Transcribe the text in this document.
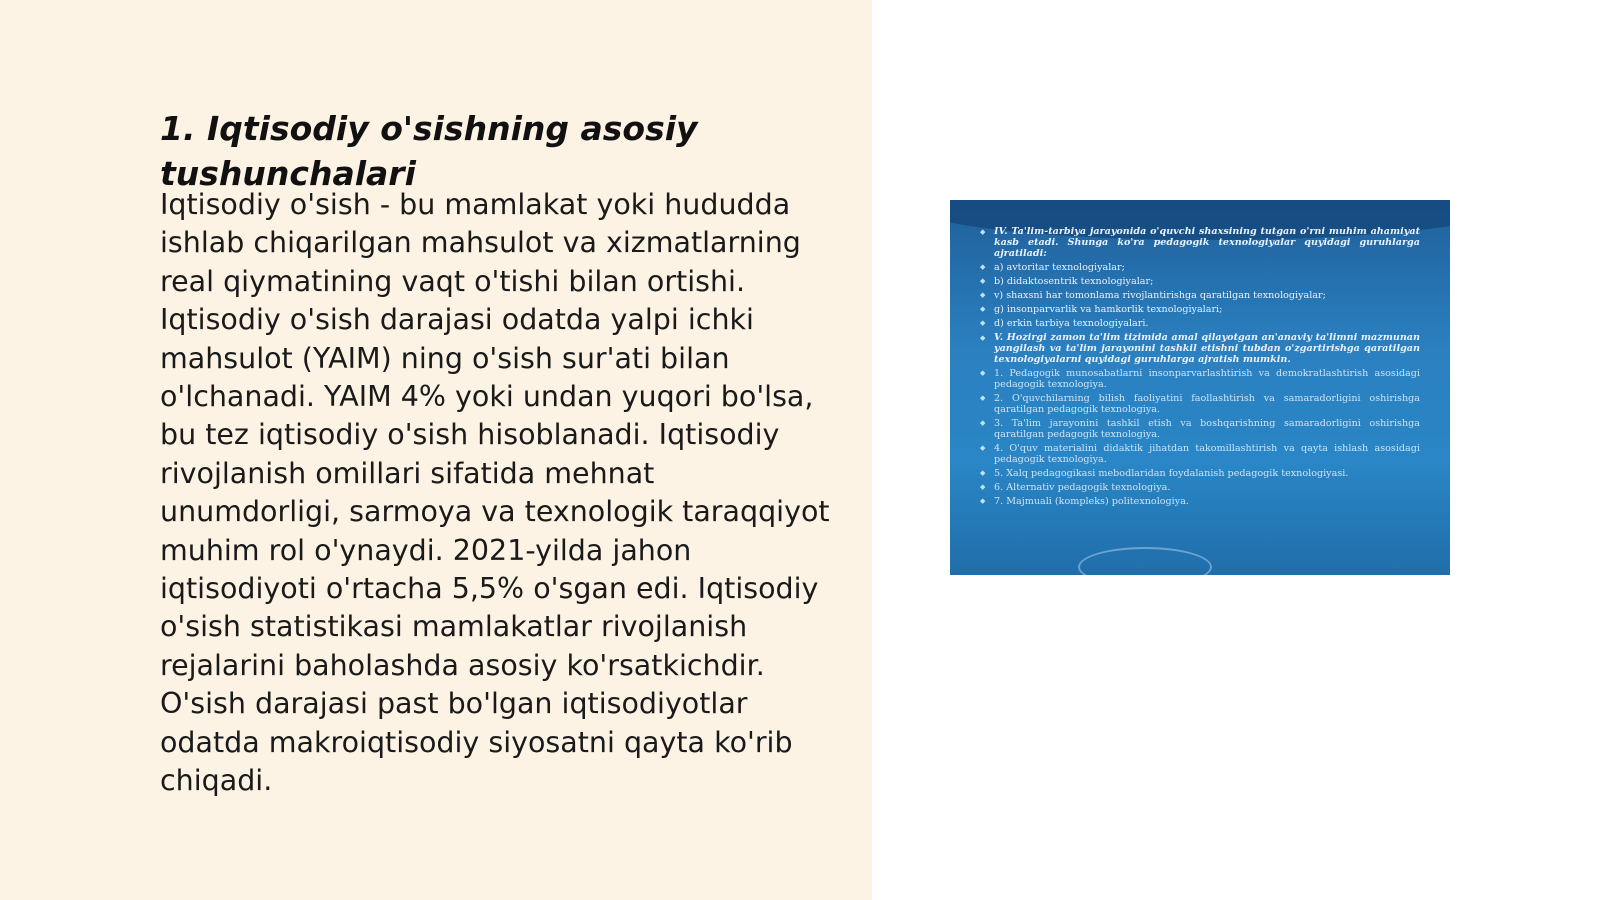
1. Iqtisodiy o'sishning asosiy tushunchalari

Iqtisodiy o'sish - bu mamlakat yoki hududda ishlab chiqarilgan mahsulot va xizmatlarning real qiymatining vaqt o'tishi bilan ortishi. Iqtisodiy o'sish darajasi odatda yalpi ichki mahsulot (YAIM) ning o'sish sur'ati bilan o'lchanadi. YAIM 4% yoki undan yuqori bo'lsa, bu tez iqtisodiy o'sish hisoblanadi. Iqtisodiy rivojlanish omillari sifatida mehnat unumdorligi, sarmoya va texnologik taraqqiyot muhim rol o'ynaydi. 2021-yilda jahon iqtisodiyoti o'rtacha 5,5% o'sgan edi. Iqtisodiy o'sish statistikasi mamlakatlar rivojlanish rejalarini baholashda asosiy ko'rsatkichdir. O'sish darajasi past bo'lgan iqtisodiyotlar odatda makroiqtisodiy siyosatni qayta ko'rib chiqadi.

◆ IV. Ta'lim-tarbiya jarayonida o'quvchi shaxsining tutgan o'rni muhim ahamiyat kasb etadi. Shunga ko'ra pedagogik texnologiyalar quyidagi guruhlarga ajratiladi:
◆ a) avtoritar texnologiyalar;
◆ b) didaktosentrik texnologiyalar;
◆ v) shaxsni har tomonlama rivojlantirishga qaratilgan texnologiyalar;
◆ g) insonparvarlik va hamkorlik texnologiyalari;
◆ d) erkin tarbiya texnologiyalari.
◆ V. Hozirgi zamon ta'lim tizimida amal qilayotgan an'anaviy ta'limni mazmunan yangilash va ta'lim jarayonini tashkil etishni tubdan o'zgartirishga qaratilgan texnologiyalarni quyidagi guruhlarga ajratish mumkin.
◆ 1. Pedagogik munosabatlarni insonparvarlashtirish va demokratlashtirish asosidagi pedagogik texnologiya.
◆ 2. O'quvchilarning bilish faoliyatini faollashtirish va samaradorligini oshirishga qaratilgan pedagogik texnologiya.
◆ 3. Ta'lim jarayonini tashkil etish va boshqarishning samaradorligini oshirishga qaratilgan pedagogik texnologiya.
◆ 4. O'quv materialini didaktik jihatdan takomillashtirish va qayta ishlash asosidagi pedagogik texnologiya.
◆ 5. Xalq pedagogikasi mebodlaridan foydalanish pedagogik texnologiyasi.
◆ 6. Alternativ pedagogik texnologiya.
◆ 7. Majmuali (kompleks) politexnologiya.
